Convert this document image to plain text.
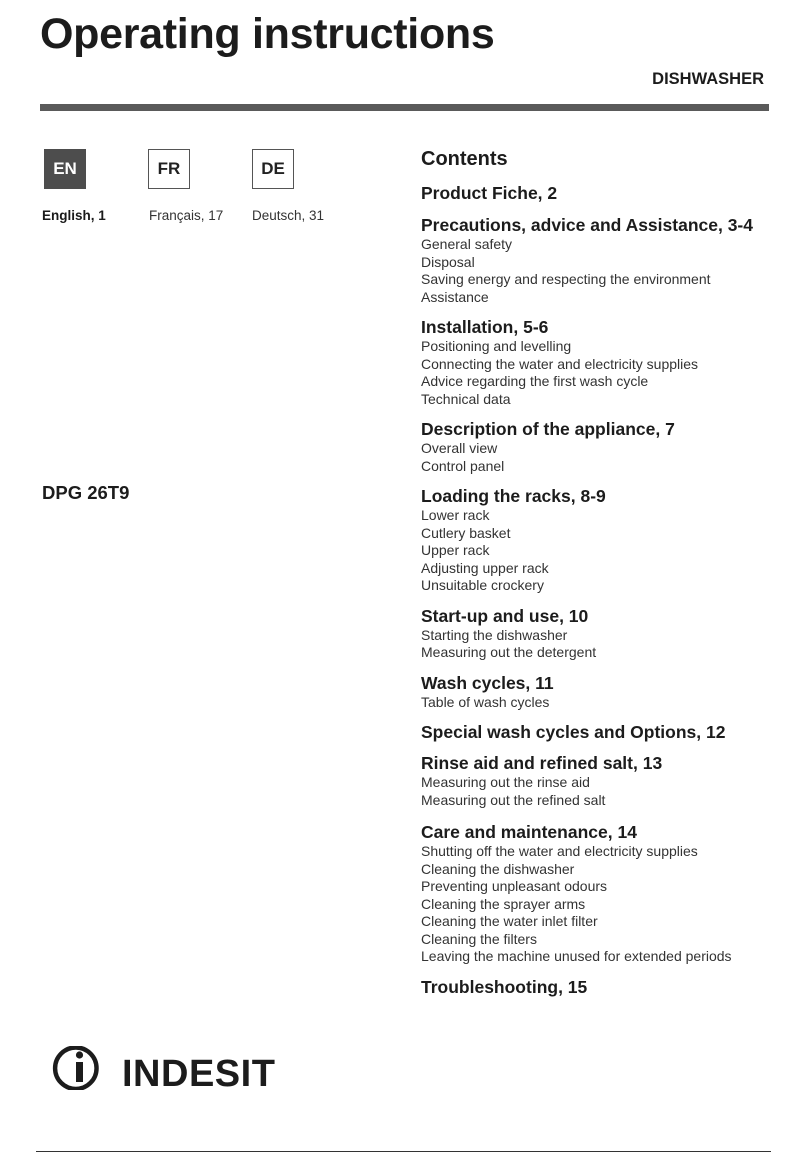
Operating instructions
DISHWASHER
EN	FR	DE
English, 1	Français, 17 Deutsch, 31
DPG 26T9
Contents
Product Fiche, 2
Precautions, advice and Assistance, 3-4
General safety
Disposal
Saving energy and respecting the environment
Assistance
Installation, 5-6
Positioning and levelling
Connecting the water and electricity supplies
Advice regarding the first wash cycle
Technical data
Description of the appliance, 7
Overall view
Control panel
Loading the racks, 8-9
Lower rack
Cutlery basket
Upper rack
Adjusting upper rack
Unsuitable crockery
Start-up and use, 10
Starting the dishwasher
Measuring out the detergent
Wash cycles, 11
Table of wash cycles
Special wash cycles and Options, 12
Rinse aid and refined salt, 13
Measuring out the rinse aid
Measuring out the refined salt
Care and maintenance, 14
Shutting off the water and electricity supplies
Cleaning the dishwasher
Preventing unpleasant odours
Cleaning the sprayer arms
Cleaning the water inlet filter
Cleaning the filters
Leaving the machine unused for extended periods
Troubleshooting, 15
INDESIT
